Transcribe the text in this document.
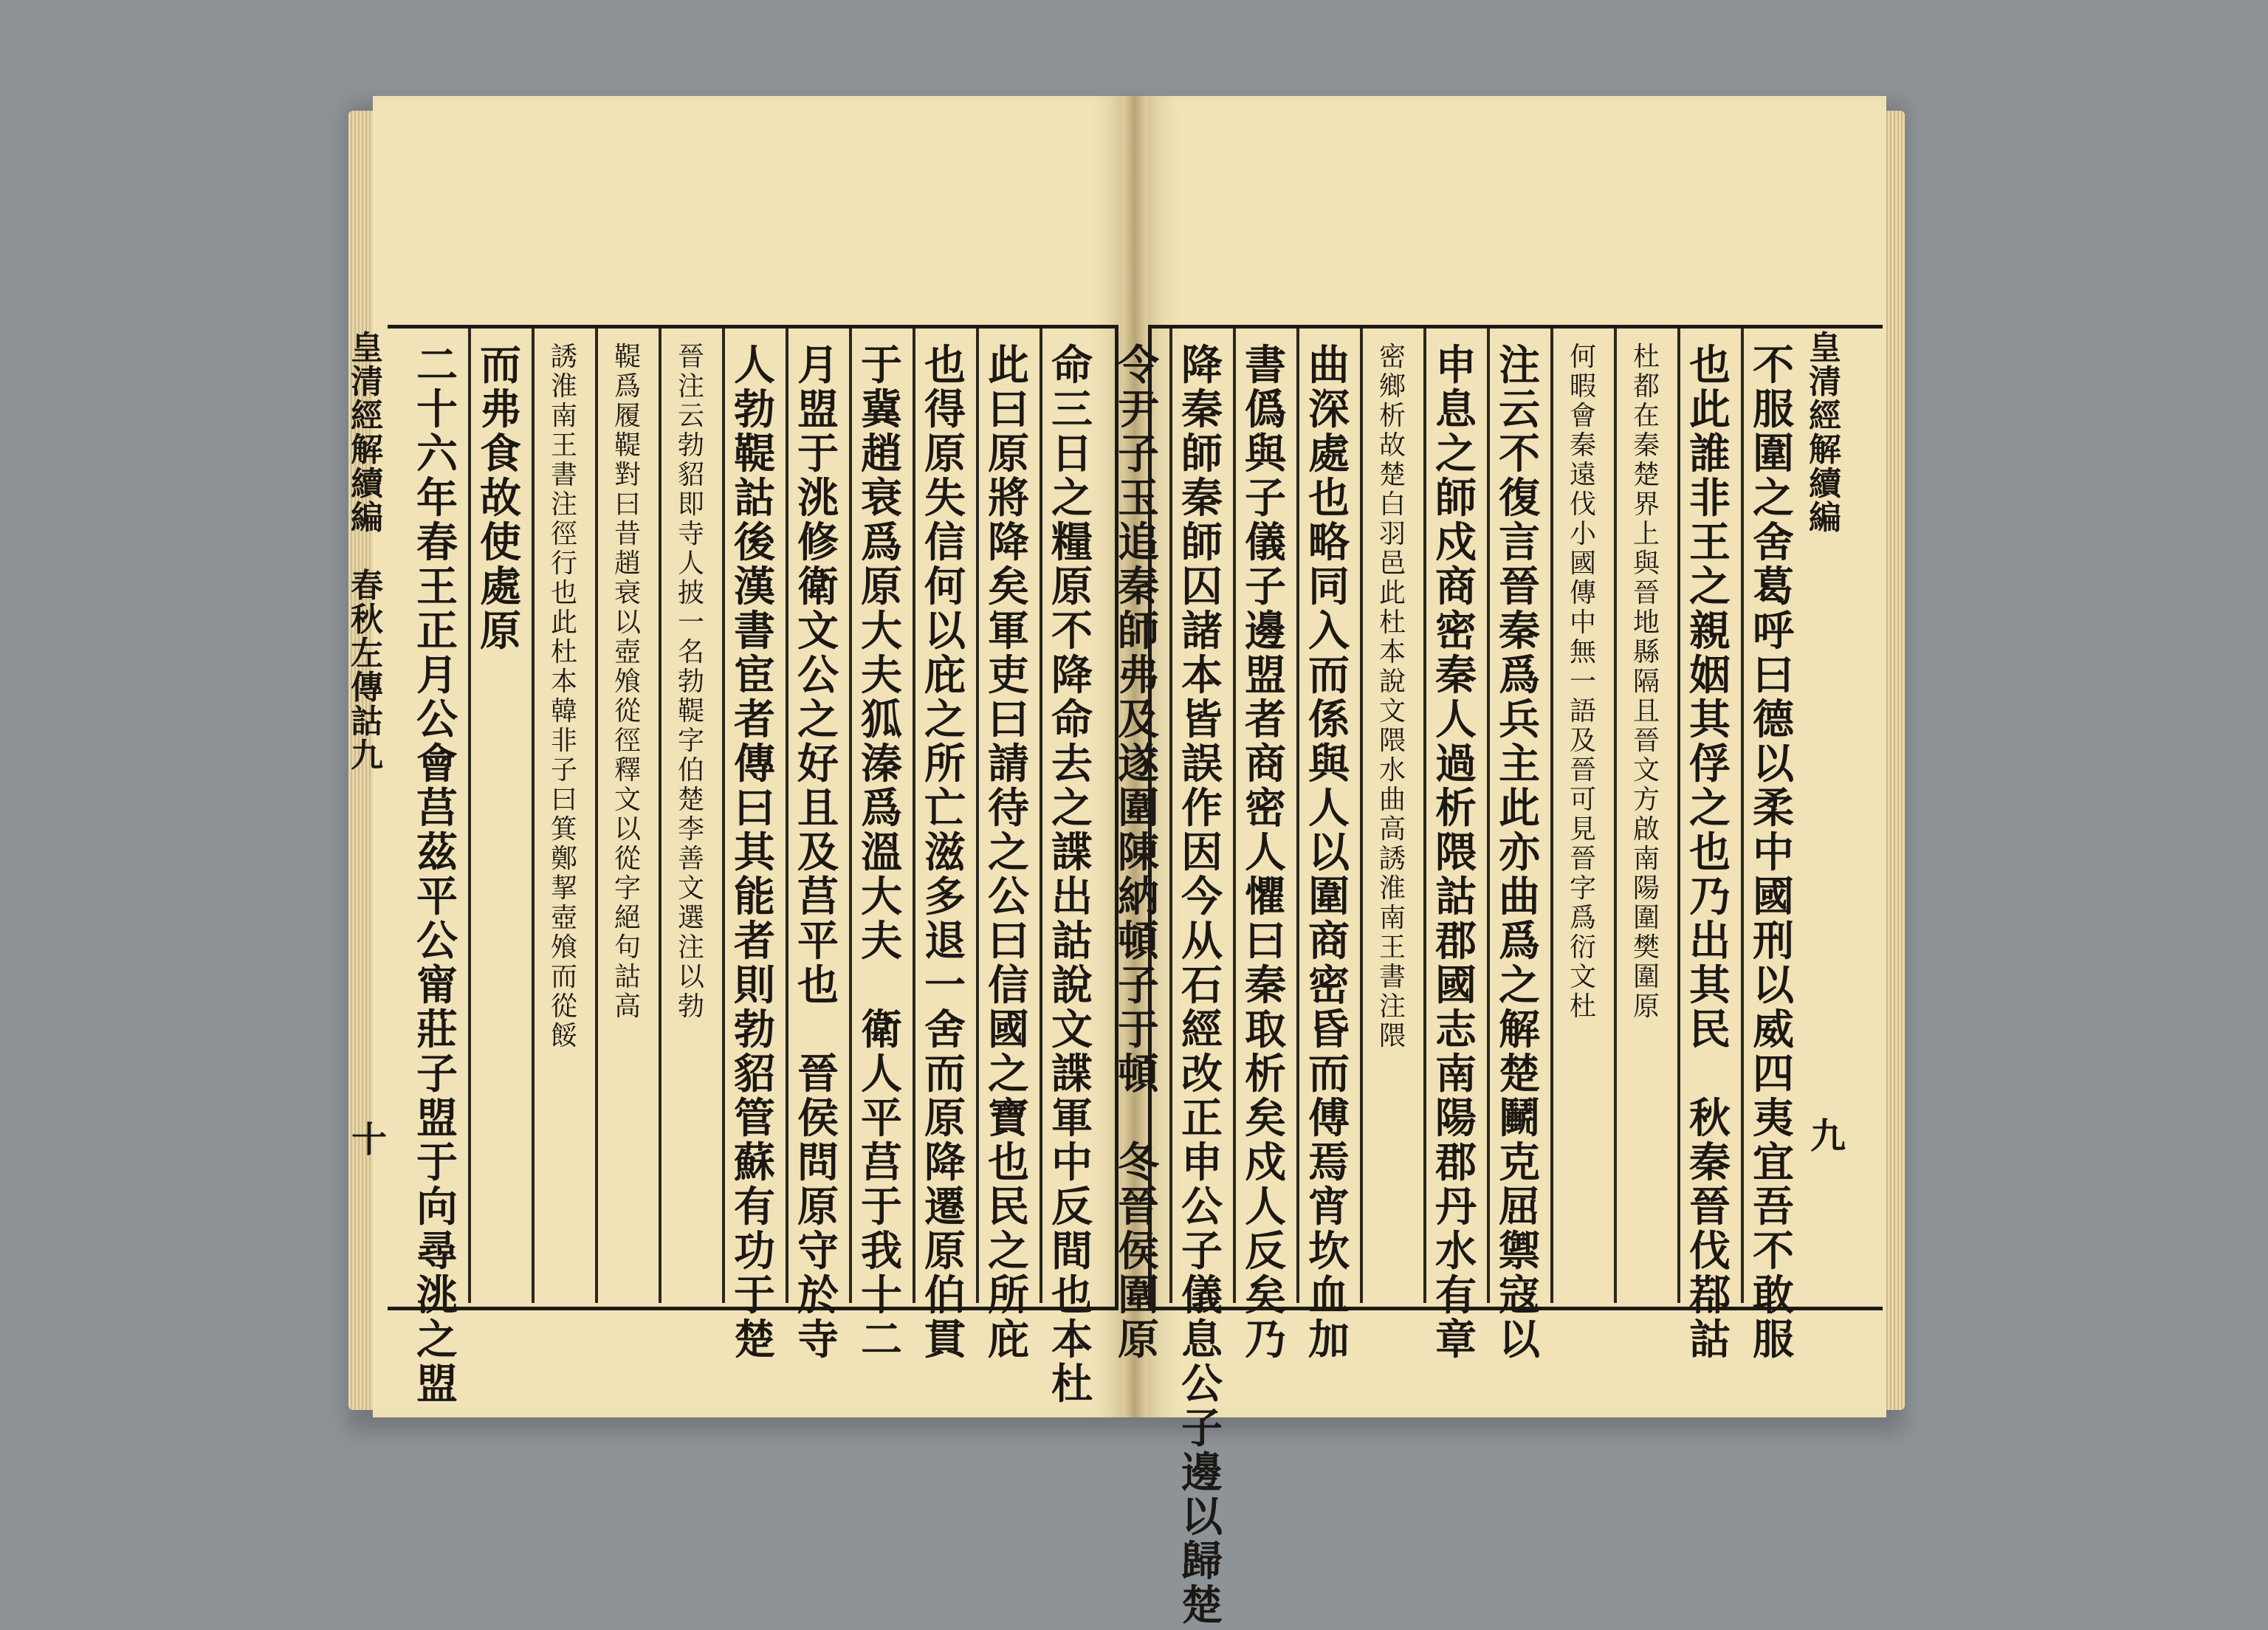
不
服
圍
之
舍
葛
呼
曰
德
以
柔
中
國
刑
以
威
四
夷
宜
吾
不
敢
服
也
此
誰
非
王
之
親
姻
其
俘
之
也
乃
出
其
民

秋
秦
晉
伐
鄀
詁
杜
都
在
秦
楚
界
上
與
晉
地
縣
隔
且
晉
文
方
啟
南
陽
圍
樊
圍
原
何
暇
會
秦
遠
伐
小
國
傳
中
無
一
語
及
晉
可
見
晉
字
爲
衍
文
杜
注
云
不
復
言
晉
秦
爲
兵
主
此
亦
曲
爲
之
解
楚
鬭
克
屈
禦
寇
以
申
息
之
師
戍
商
密
秦
人
過
析
隈
詁
郡
國
志
南
陽
郡
丹
水
有
章
密
鄉
析
故
楚
白
羽
邑
此
杜
本
說
文
隈
水
曲
高
誘
淮
南
王
書
注
隈
曲
深
處
也
略
同
入
而
係
與
人
以
圍
商
密
昏
而
傅
焉
宵
坎
血
加
書
僞
與
子
儀
子
邊
盟
者
商
密
人
懼
曰
秦
取
析
矣
戍
人
反
矣
乃
降
秦
師
秦
師
囚
諸
本
皆
誤
作
因
今
从
石
經
改
正
申
公
子
儀
息
公
子
邊
以
歸
楚
令
尹
子
玉
追
秦
師
弗
及
遂
圍
陳
納
頓
子
于
頓

冬
晉
侯
圍
原
命
三
日
之
糧
原
不
降
命
去
之
諜
出
詁
說
文
諜
軍
中
反
間
也
本
杜
此
曰
原
將
降
矣
軍
吏
曰
請
待
之
公
曰
信
國
之
寶
也
民
之
所
庇
也
得
原
失
信
何
以
庇
之
所
亡
滋
多
退
一
舍
而
原
降
遷
原
伯
貫
于
冀
趙
衰
爲
原
大
夫
狐
溱
爲
溫
大
夫

衛
人
平
莒
于
我
十
二
月
盟
于
洮
修
衛
文
公
之
好
且
及
莒
平
也

晉
侯
問
原
守
於
寺
人
勃
鞮
詁
後
漢
書
宦
者
傳
曰
其
能
者
則
勃
貂
管
蘇
有
功
于
楚
晉
注
云
勃
貂
即
寺
人
披
一
名
勃
鞮
字
伯
楚
李
善
文
選
注
以
勃
鞮
爲
履
鞮
對
曰
昔
趙
衰
以
壺
飧
從
徑
釋
文
以
從
字
絕
句
詁
高
誘
淮
南
王
書
注
徑
行
也
此
杜
本
韓
非
子
曰
箕
鄭
挈
壺
飧
而
從
餒
而
弗
食
故
使
處
原
二
十
六
年
春
王
正
月
公
會
莒
茲
平
公
甯
莊
子
盟
于
向
尋
洮
之
盟
皇
清
經
解
續
編
皇
清
經
解
續
編

春
秋
左
傳
詁
九
九
十
